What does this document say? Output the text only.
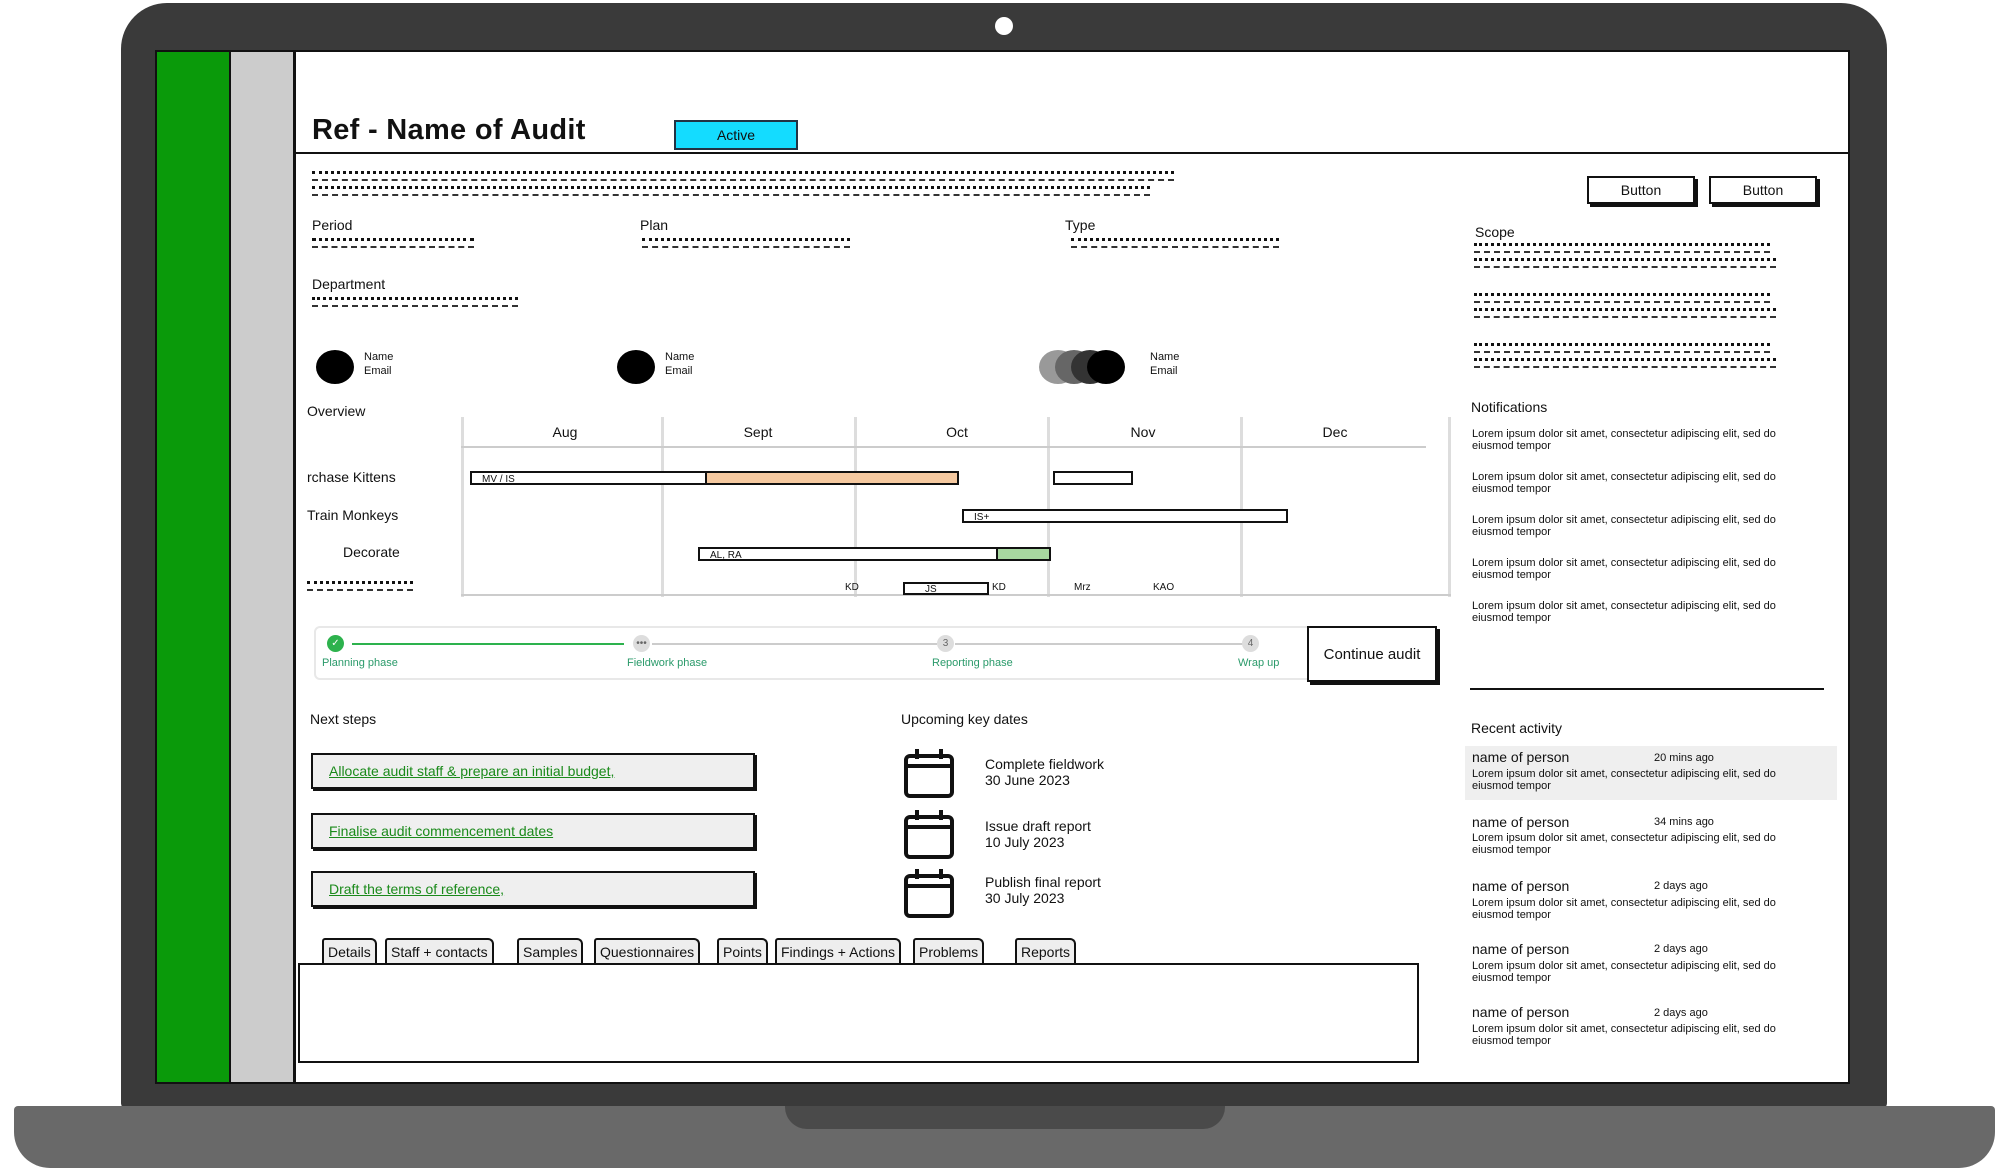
Ref - Name of Audit	Active
Button	Button
Period	Plan	Type
Department
Scope
Name
Email
Name
Email
Name
Email
Overview
Aug	Sept	Oct	Nov	Dec
rchase Kittens	MV / IS
Train Monkeys	IS+
Decorate	AL, RA
KD	JS	KD	Mrz	KAO
✓
Planning phase
•••
Fieldwork phase
3
Reporting phase
4
Wrap up
Continue audit
Next steps
Allocate audit staff & prepare an initial budget,
Finalise audit commencement dates
Draft the terms of reference,
Upcoming key dates
Complete fieldwork
30 June 2023
Issue draft report
10 July 2023
Publish final report
30 July 2023
Details	Staff + contacts	Samples	Questionnaires	Points	Findings + Actions	Problems	Reports
Notifications
Lorem ipsum dolor sit amet, consectetur adipiscing elit, sed do eiusmod tempor
Lorem ipsum dolor sit amet, consectetur adipiscing elit, sed do eiusmod tempor
Lorem ipsum dolor sit amet, consectetur adipiscing elit, sed do eiusmod tempor
Lorem ipsum dolor sit amet, consectetur adipiscing elit, sed do eiusmod tempor
Lorem ipsum dolor sit amet, consectetur adipiscing elit, sed do eiusmod tempor
Recent activity
name of person	20 mins ago
Lorem ipsum dolor sit amet, consectetur adipiscing elit, sed do eiusmod tempor
name of person	34 mins ago
Lorem ipsum dolor sit amet, consectetur adipiscing elit, sed do eiusmod tempor
name of person	2 days ago
Lorem ipsum dolor sit amet, consectetur adipiscing elit, sed do eiusmod tempor
name of person	2 days ago
Lorem ipsum dolor sit amet, consectetur adipiscing elit, sed do eiusmod tempor
name of person	2 days ago
Lorem ipsum dolor sit amet, consectetur adipiscing elit, sed do eiusmod tempor
